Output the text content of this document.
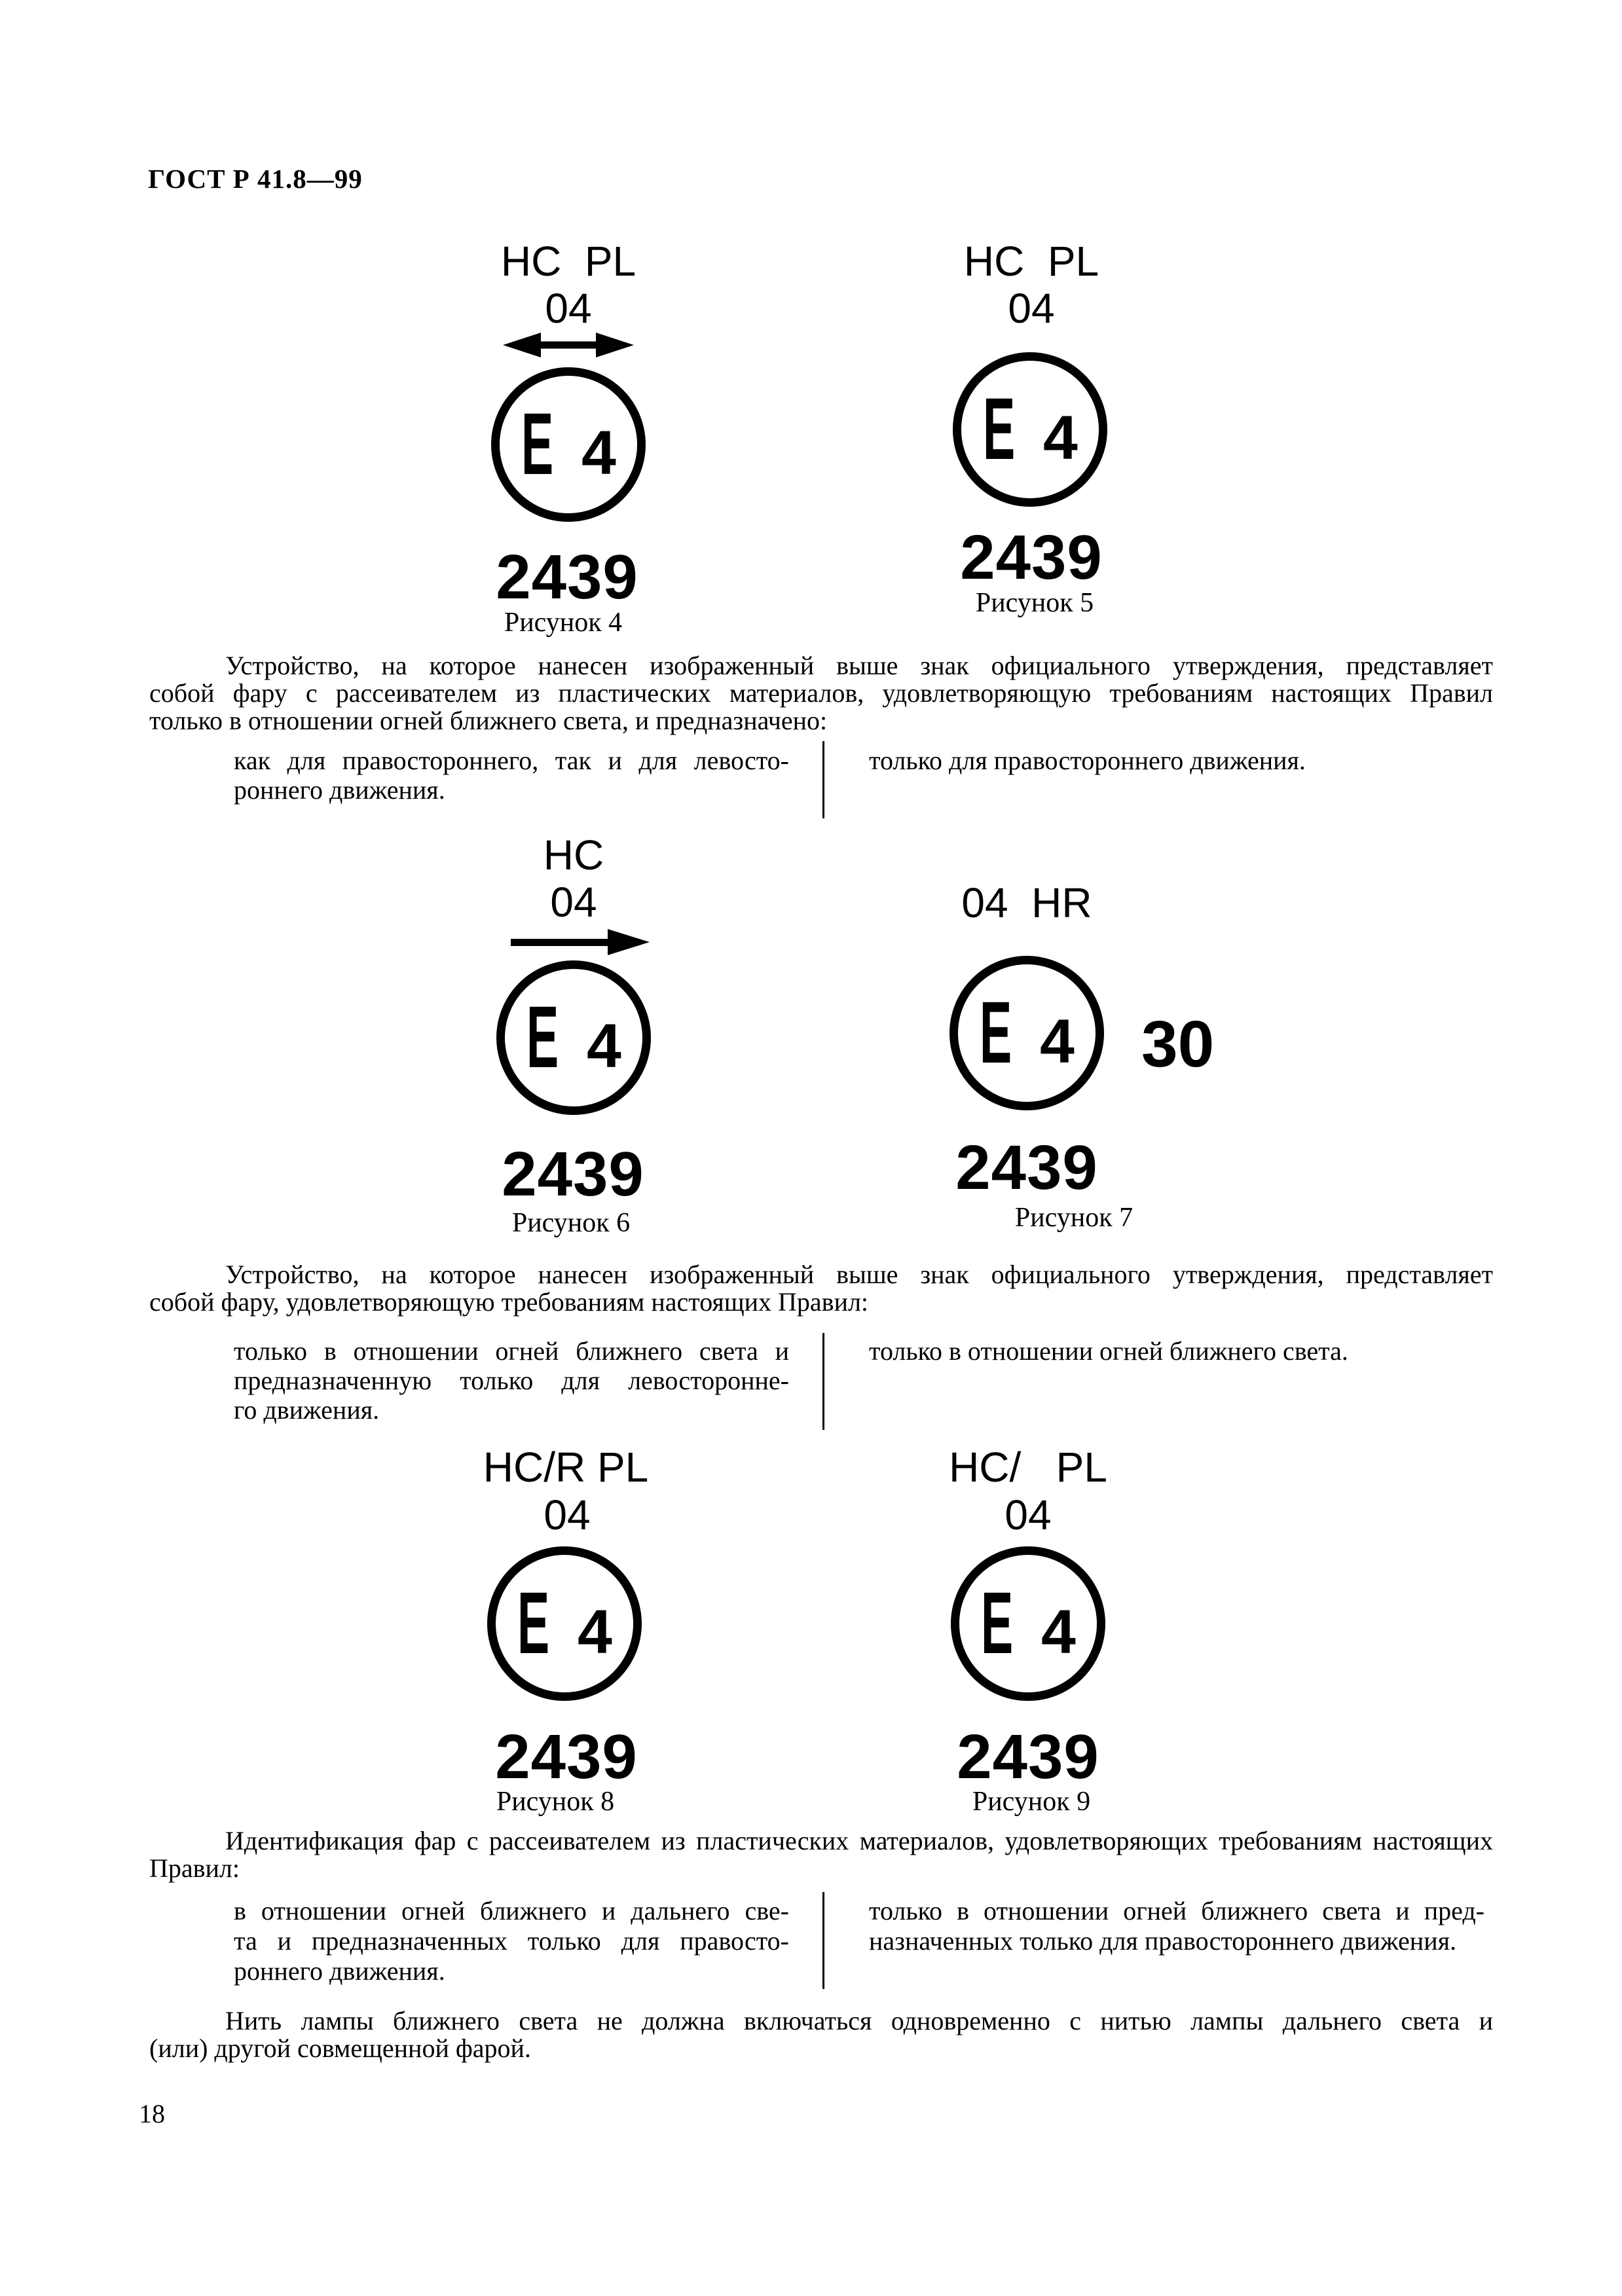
ГОСТ Р 41.8—99
HC  PL
04
E 4
2439
Рисунок 4
HC  PL
04
E 4
2439
Рисунок 5
Устройство, на которое нанесен изображенный выше знак официального утверждения, представляет
собой фару с рассеивателем из пластических материалов, удовлетворяющую требованиям настоящих Правил
только в отношении огней ближнего света, и предназначено:
как для правостороннего, так и для левосто-
роннего движения.
только для правостороннего движения.
HC
04
E 4
2439
Рисунок 6
04  HR
E 4 30
2439
Рисунок 7
Устройство, на которое нанесен изображенный выше знак официального утверждения, представляет
собой фару, удовлетворяющую требованиям настоящих Правил:
только в отношении огней ближнего света и
предназначенную только для левосторонне-
го движения.
только в отношении огней ближнего света.
HC/R PL
04
E 4
2439
Рисунок 8
HC/   PL
04
E 4
2439
Рисунок 9
Идентификация фар с рассеивателем из пластических материалов, удовлетворяющих требованиям настоящих
Правил:
в отношении огней ближнего и дальнего све-
та и предназначенных только для правосто-
роннего движения.
только в отношении огней ближнего света и пред-
назначенных только для правостороннего движения.
Нить лампы ближнего света не должна включаться одновременно с нитью лампы дальнего света и
(или) другой совмещенной фарой.
18
